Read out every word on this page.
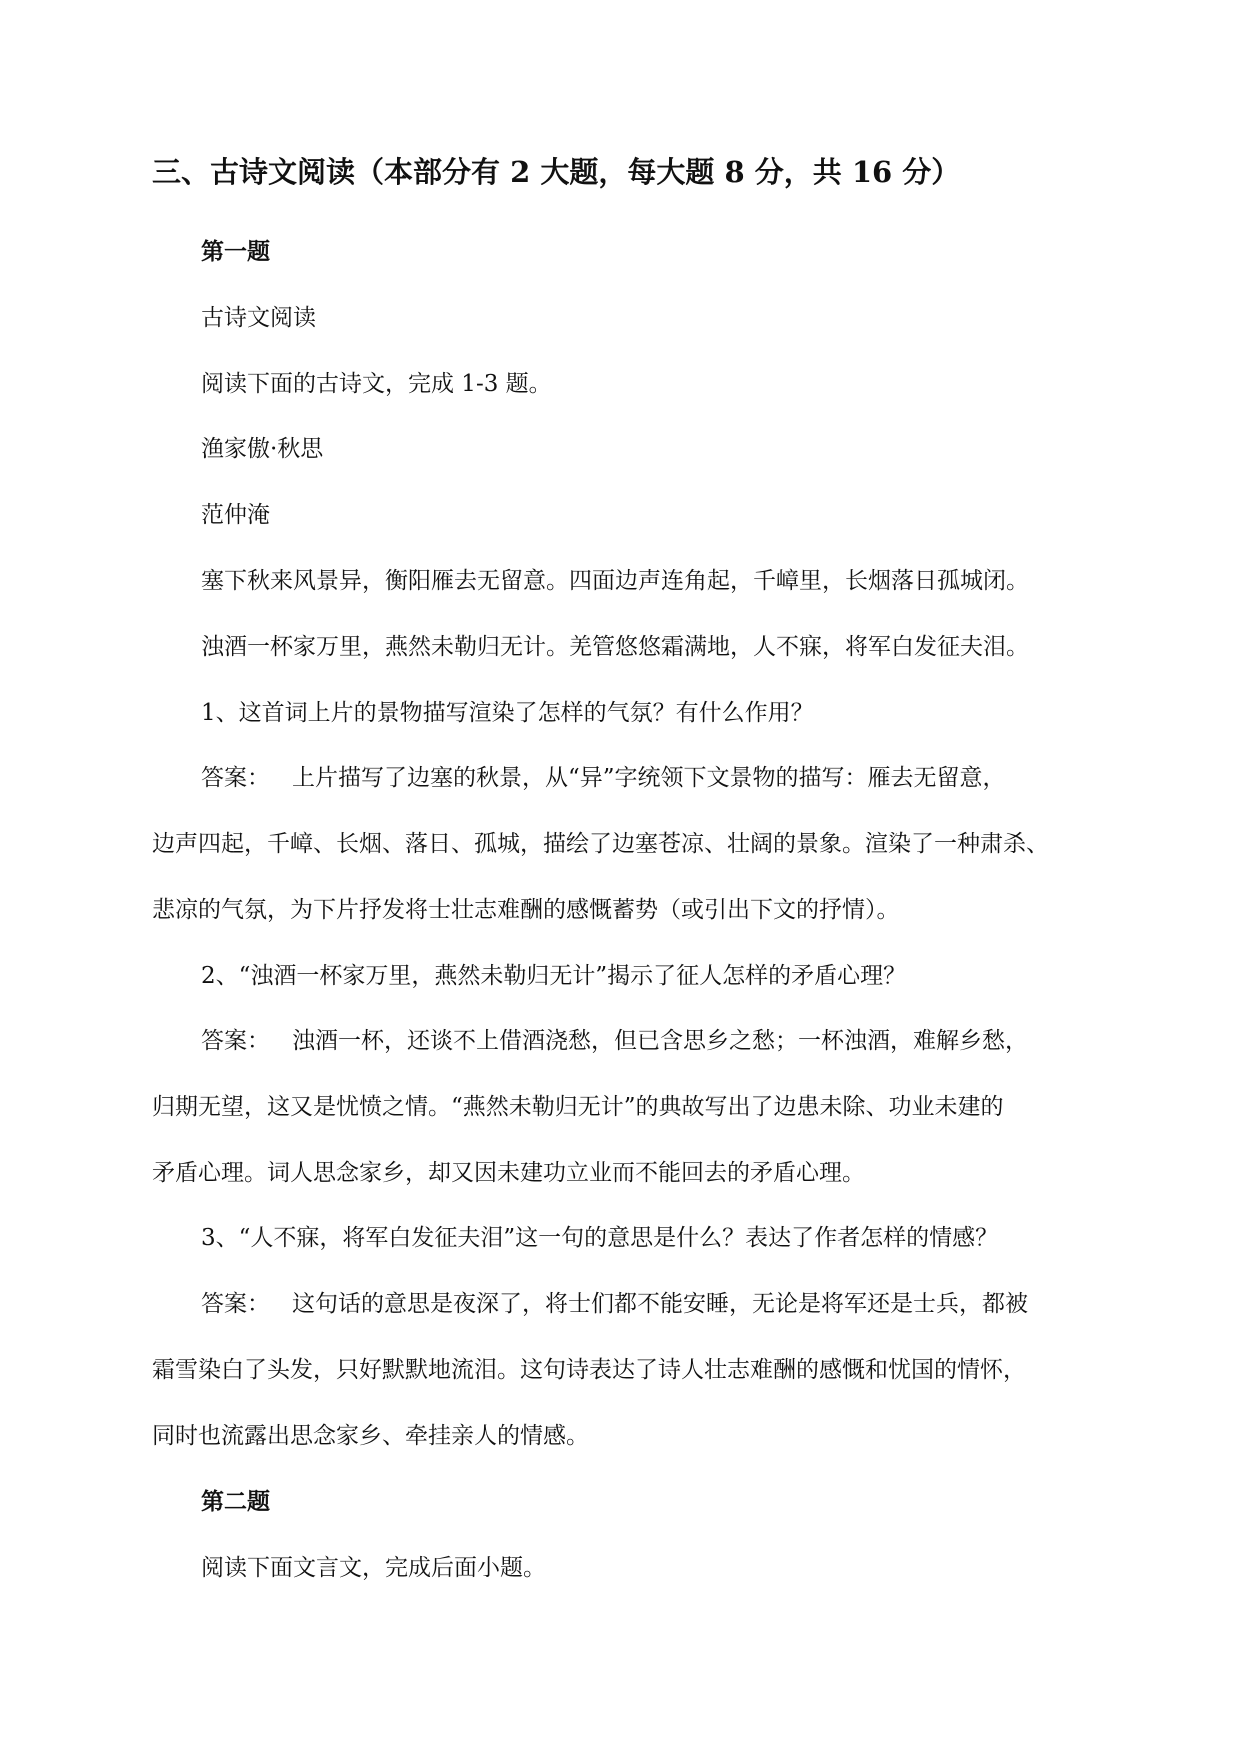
三、古诗文阅读（本部分有 2 大题，每大题 8 分，共 16 分）
第一题
古诗文阅读
阅读下面的古诗文，完成 1-3 题。
渔家傲·秋思
范仲淹
塞下秋来风景异，衡阳雁去无留意。四面边声连角起，千嶂里，长烟落日孤城闭。
浊酒一杯家万里，燕然未勒归无计。羌管悠悠霜满地，人不寐，将军白发征夫泪。
1、这首词上片的景物描写渲染了怎样的气氛？有什么作用？
答案： 上片描写了边塞的秋景，从“异”字统领下文景物的描写：雁去无留意，
边声四起，千嶂、长烟、落日、孤城，描绘了边塞苍凉、壮阔的景象。渲染了一种肃杀、
悲凉的气氛，为下片抒发将士壮志难酬的感慨蓄势（或引出下文的抒情）。
2、“浊酒一杯家万里，燕然未勒归无计”揭示了征人怎样的矛盾心理？
答案： 浊酒一杯，还谈不上借酒浇愁，但已含思乡之愁；一杯浊酒，难解乡愁，
归期无望，这又是忧愤之情。“燕然未勒归无计”的典故写出了边患未除、功业未建的
矛盾心理。词人思念家乡，却又因未建功立业而不能回去的矛盾心理。
3、“人不寐，将军白发征夫泪”这一句的意思是什么？表达了作者怎样的情感？
答案： 这句话的意思是夜深了，将士们都不能安睡，无论是将军还是士兵，都被
霜雪染白了头发，只好默默地流泪。这句诗表达了诗人壮志难酬的感慨和忧国的情怀，
同时也流露出思念家乡、牵挂亲人的情感。
第二题
阅读下面文言文，完成后面小题。
